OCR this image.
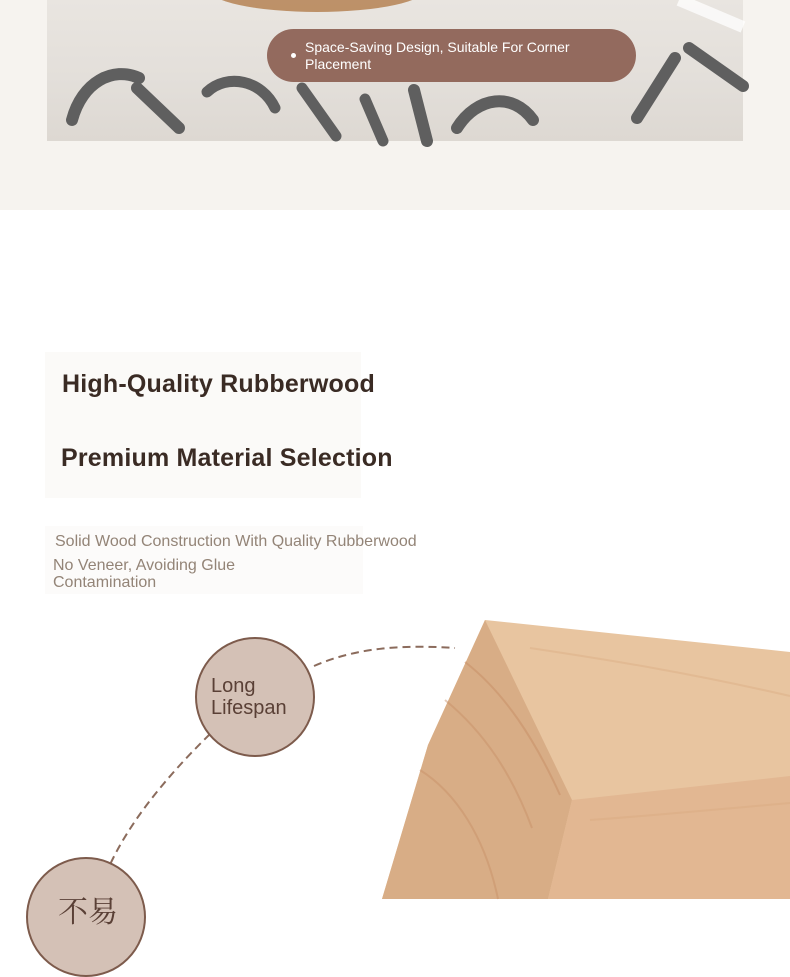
Space-Saving Design, Suitable For Corner Placement
High-Quality Rubberwood
Premium Material Selection

Solid Wood Construction With Quality Rubberwood

No Veneer, Avoiding Glue Contamination

Long Lifespan

不易
